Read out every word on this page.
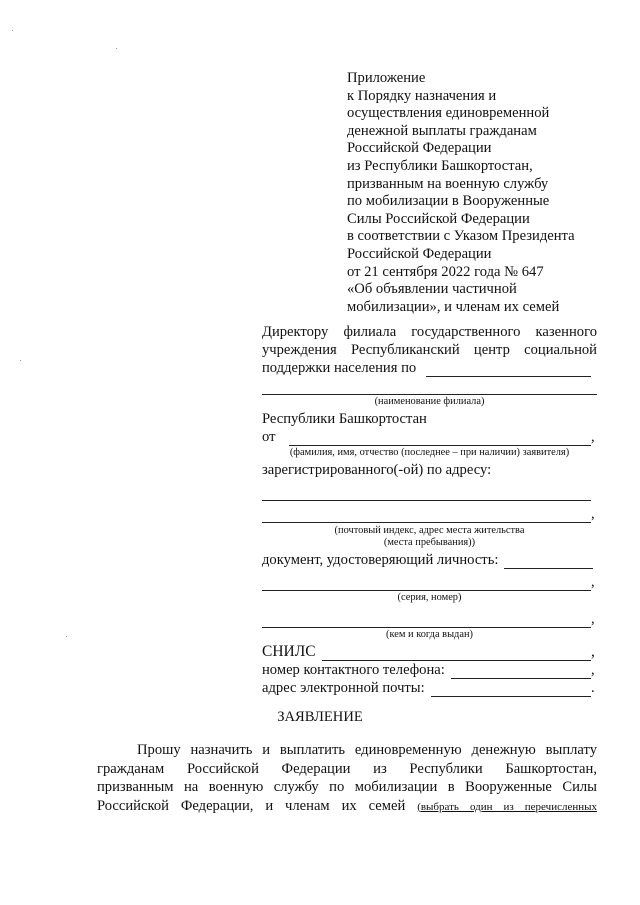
Приложение
к Порядку назначения и
осуществления единовременной
денежной выплаты гражданам
Российской Федерации
из Республики Башкортостан,
призванным на военную службу
по мобилизации в Вооруженные
Силы Российской Федерации
в соответствии с Указом Президента
Российской Федерации
от 21 сентября 2022 года № 647
«Об объявлении частичной
мобилизации», и членам их семей
Директору филиала государственного казенного
учреждения Республиканский центр социальной
поддержки населения по
(наименование филиала)
Республики Башкортостан
от	,
(фамилия, имя, отчество (последнее – при наличии) заявителя)
зарегистрированного(-ой) по адресу:
,
(почтовый индекс, адрес места жительства
(места пребывания))
документ, удостоверяющий личность:
,
(серия, номер)
,
(кем и когда выдан)
СНИЛС	,
номер контактного телефона:	,
адрес электронной почты:	.
ЗАЯВЛЕНИЕ
Прошу назначить и выплатить единовременную денежную выплату
гражданам Российской Федерации из Республики Башкортостан,
призванным на военную службу по мобилизации в Вооруженные Силы
Российской Федерации, и членам их семей (выбрать один из перечисленных
